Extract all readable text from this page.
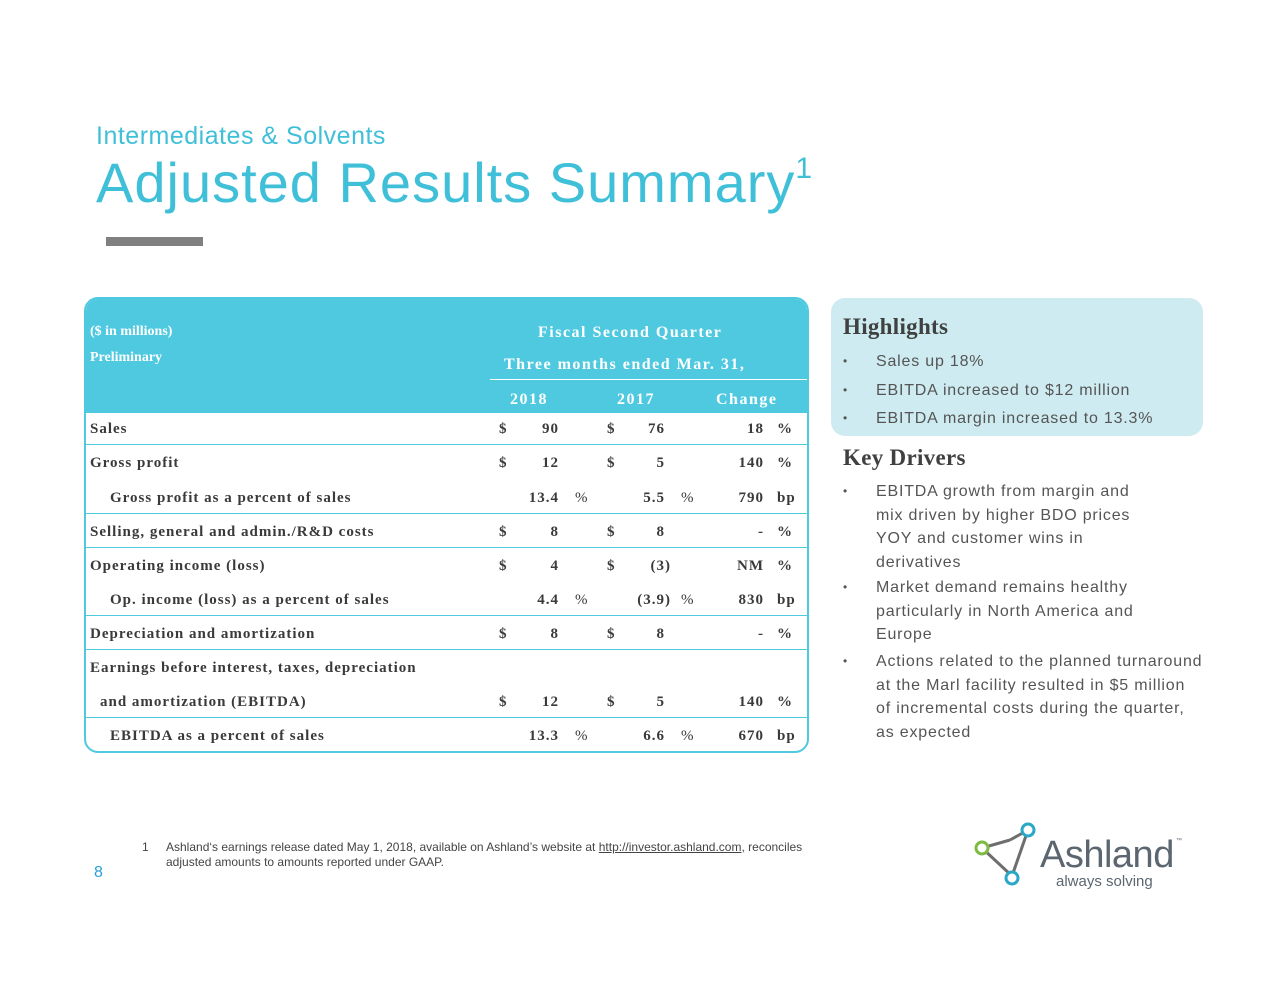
Intermediates & Solvents
Adjusted Results Summary$^1$
($ in millions)
Preliminary
Fiscal Second Quarter
Three months ended Mar. 31,
2018	2017	Change
Sales	$ 90	$ 76	18 %
Gross profit	$ 12	$	5	140 %
Gross profit as a percent of sales	13.4 %	5.5 %	790 bp
Selling, general and admin./R&D costs	$	8	$	8	- %
Operating income (loss)	$	4	$ (3)	NM %
Op. income (loss) as a percent of sales	4.4 %	(3.9) %	830 bp
Depreciation and amortization	$	8	$	8	- %
Earnings before interest, taxes, depreciation
and amortization (EBITDA)	$ 12	$	5	140 %
EBITDA as a percent of sales	13.3 %	6.6 %	670 bp
Highlights
• Sales up 18%
• EBITDA increased to $12 million
• EBITDA margin increased to 13.3%
Key Drivers
• EBITDA growth from margin and mix driven by higher BDO prices YOY and customer wins in derivatives
• Market demand remains healthy particularly in North America and Europe
• Actions related to the planned turnaround at the Marl facility resulted in $5 million of incremental costs during the quarter, as expected
1 Ashland‘s earnings release dated May 1, 2018, available on Ashland’s website at http://investor.ashland.com, reconciles adjusted amounts to amounts reported under GAAP.
8	Ashland ™
always solving
